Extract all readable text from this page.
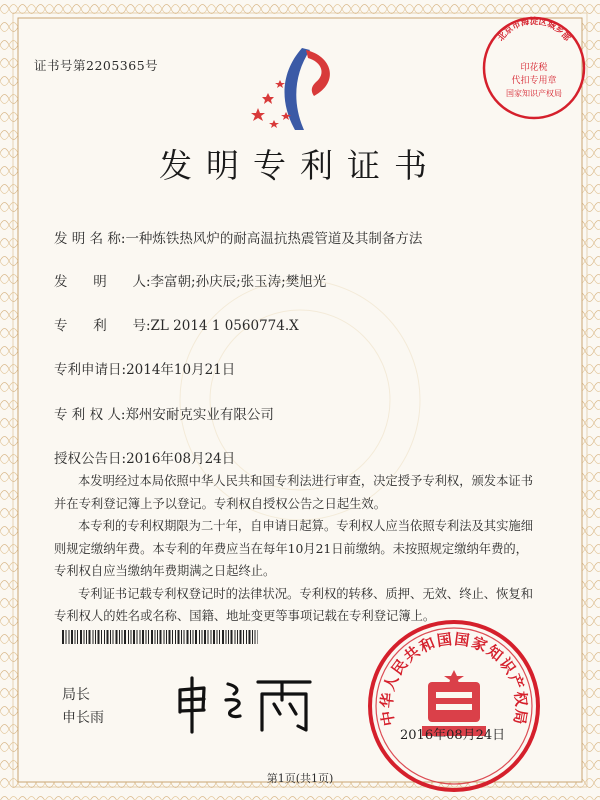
证书号第2205365号
发明专利证书
发 明 名 称:一种炼铁热风炉的耐高温抗热震管道及其制备方法
发      明      人:李富朝;孙庆辰;张玉涛;樊旭光
专      利      号:ZL 2014 1 0560774.X
专利申请日:2014年10月21日
专 利 权 人:郑州安耐克实业有限公司
授权公告日:2016年08月24日

本发明经过本局依照中华人民共和国专利法进行审查，决定授予专利权，颁发本证书

并在专利登记簿上予以登记。专利权自授权公告之日起生效。

本专利的专利权期限为二十年，自申请日起算。专利权人应当依照专利法及其实施细

则规定缴纳年费。本专利的年费应当在每年10月21日前缴纳。未按照规定缴纳年费的，

专利权自应当缴纳年费期满之日起终止。

专利证书记载专利权登记时的法律状况。专利权的转移、质押、无效、终止、恢复和

专利权人的姓名或名称、国籍、地址变更等事项记载在专利登记簿上。

局长
申长雨	中华人民共和国国家知识产权局
2016年08月24日
北京市海淀区城乡部
印花税
代扣专用章
国家知识产权局
第1页(共1页)
